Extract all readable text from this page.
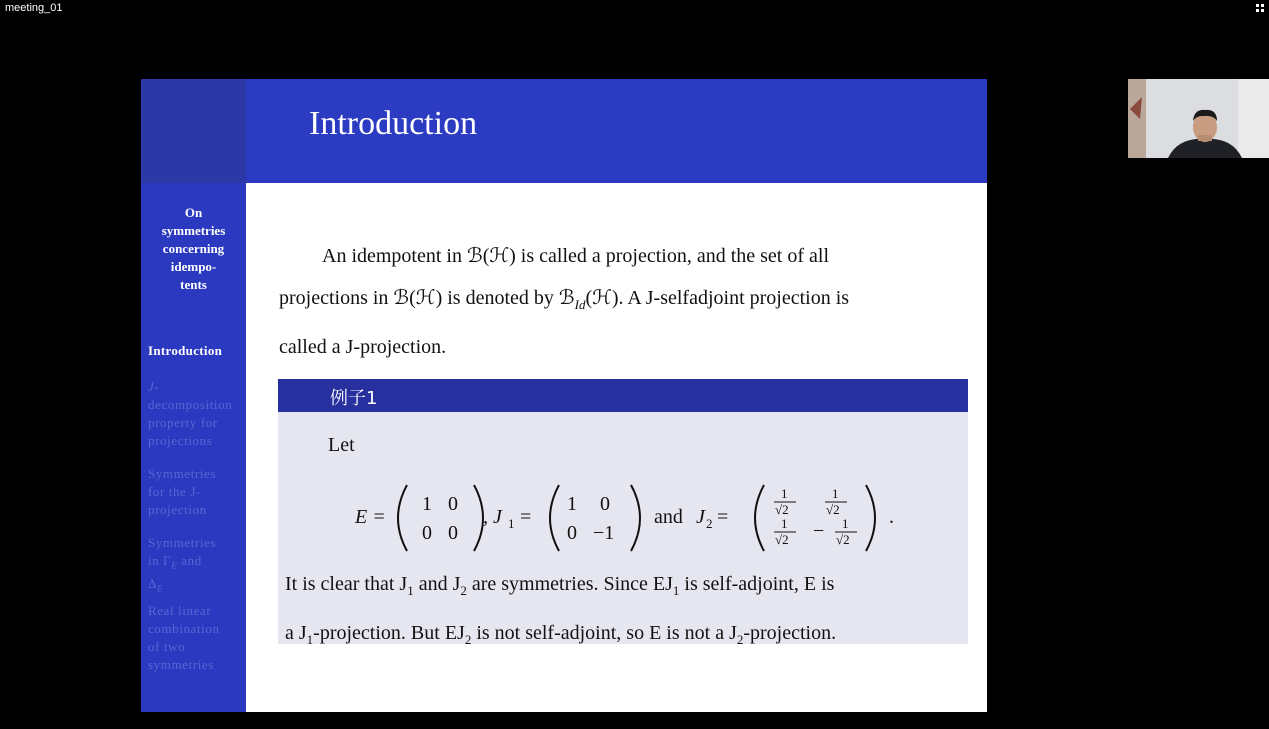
meeting_01
Introduction
On
symmetries
concerning
idempo-
tents
Introduction
J-
decomposition
property for
projections
Symmetries
for the J-
projection
Symmetries
in $\Gamma_E$ and
$\Delta_E$
Real linear
combination
of two
symmetries

An idempotent in ℬ(ℋ) is called a projection, and the set of all

projections in ℬ(ℋ) is denoted by ℬ$_{Id}$(ℋ). A J-selfadjoint projection is

called a J-projection.

例子1
Let
E =
1 0
0 0
, J 1 =
1 0
0 −1
and J 2 =
1
√2
1
√2
1
√2 − 1
√2
.

It is clear that $J_1$ and $J_2$ are symmetries. Since $EJ_1$ is self-adjoint, E is

a $J_1$-projection. But $EJ_2$ is not self-adjoint, so E is not a $J_2$-projection.
